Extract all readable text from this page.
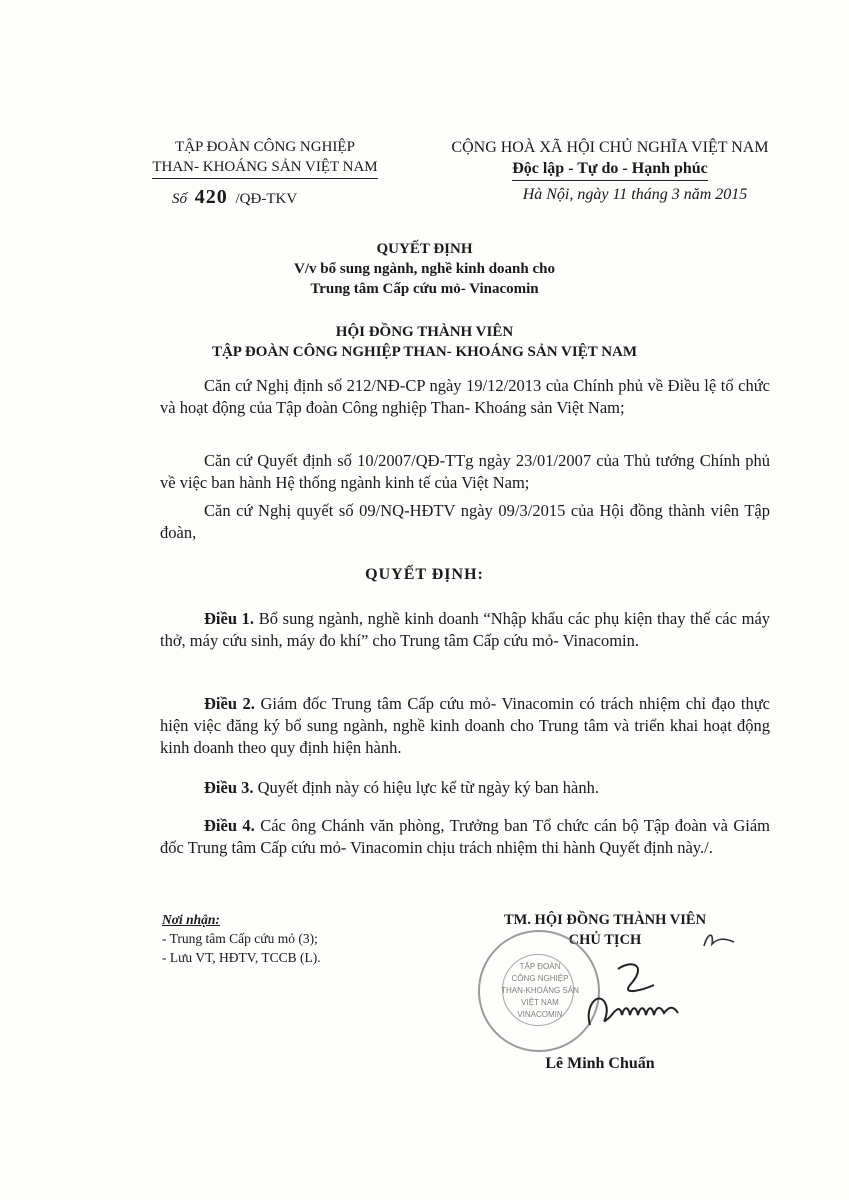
TẬP ĐOÀN CÔNG NGHIỆP
THAN- KHOÁNG SẢN VIỆT NAM
CỘNG HOÀ XÃ HỘI CHỦ NGHĨA VIỆT NAM
Độc lập - Tự do - Hạnh phúc
Số 420 /QĐ-TKV	Hà Nội, ngày 11 tháng 3 năm 2015
QUYẾT ĐỊNH
V/v bổ sung ngành, nghề kinh doanh cho
Trung tâm Cấp cứu mỏ- Vinacomin
HỘI ĐỒNG THÀNH VIÊN
TẬP ĐOÀN CÔNG NGHIỆP THAN- KHOÁNG SẢN VIỆT NAM
Căn cứ Nghị định số 212/NĐ-CP ngày 19/12/2013 của Chính phủ về Điều lệ tổ chức và hoạt động của Tập đoàn Công nghiệp Than- Khoáng sản Việt Nam;
Căn cứ Quyết định số 10/2007/QĐ-TTg ngày 23/01/2007 của Thủ tướng Chính phủ về việc ban hành Hệ thống ngành kinh tế của Việt Nam;
Căn cứ Nghị quyết số 09/NQ-HĐTV ngày 09/3/2015 của Hội đồng thành viên Tập đoàn,
QUYẾT ĐỊNH:
Điều 1. Bổ sung ngành, nghề kinh doanh “Nhập khẩu các phụ kiện thay thế các máy thở, máy cứu sinh, máy đo khí” cho Trung tâm Cấp cứu mỏ- Vinacomin.
Điều 2. Giám đốc Trung tâm Cấp cứu mỏ- Vinacomin có trách nhiệm chỉ đạo thực hiện việc đăng ký bổ sung ngành, nghề kinh doanh cho Trung tâm và triển khai hoạt động kinh doanh theo quy định hiện hành.
Điều 3. Quyết định này có hiệu lực kể từ ngày ký ban hành.
Điều 4. Các ông Chánh văn phòng, Trưởng ban Tổ chức cán bộ Tập đoàn và Giám đốc Trung tâm Cấp cứu mỏ- Vinacomin chịu trách nhiệm thi hành Quyết định này./.
Nơi nhận:
- Trung tâm Cấp cứu mỏ (3);
- Lưu VT, HĐTV, TCCB (L).
TM. HỘI ĐỒNG THÀNH VIÊN
CHỦ TỊCH
TẬP ĐOÀN
CÔNG NGHIỆP
THAN-KHOÁNG SẢN
VIỆT NAM
VINACOMIN
Lê Minh Chuẩn
